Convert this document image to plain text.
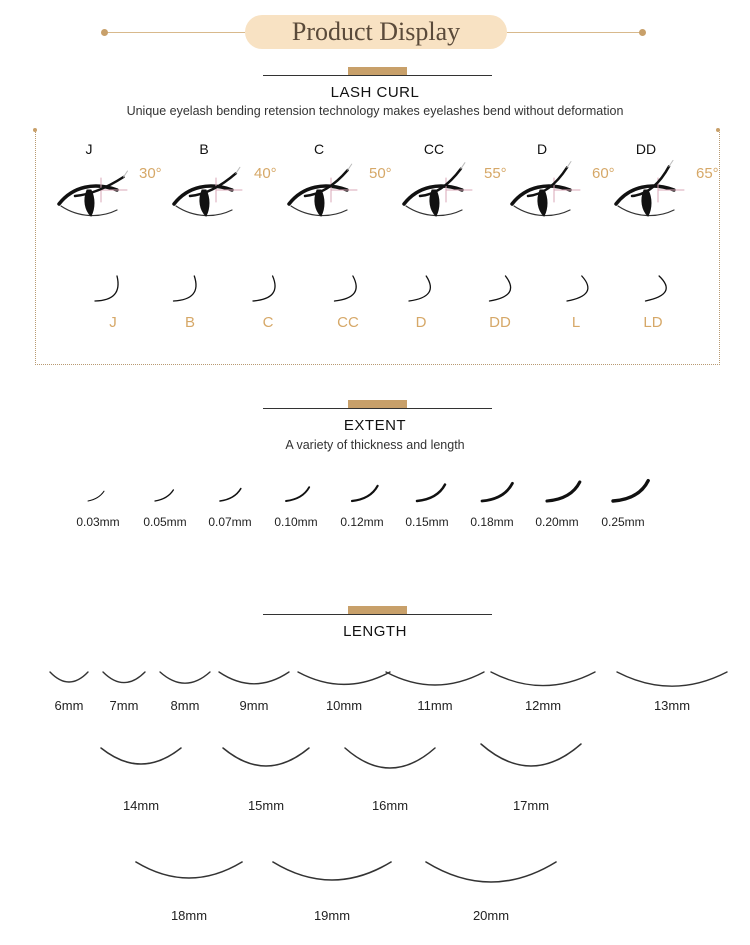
Product Display
LASH CURL
Unique eyelash bending retension technology makes eyelashes bend without deformation
J
30°
B
40°
C
50°
CC
55°
D
60°
DD
65°
J	B	C	CC	D	DD	L	LD
EXTENT
A variety of thickness and length
0.03mm	0.05mm	0.07mm	0.10mm	0.12mm	0.15mm	0.18mm	0.20mm	0.25mm
LENGTH
6mm	7mm	8mm	9mm	10mm	11mm	12mm	13mm
14mm	15mm	16mm	17mm
18mm	19mm	20mm
